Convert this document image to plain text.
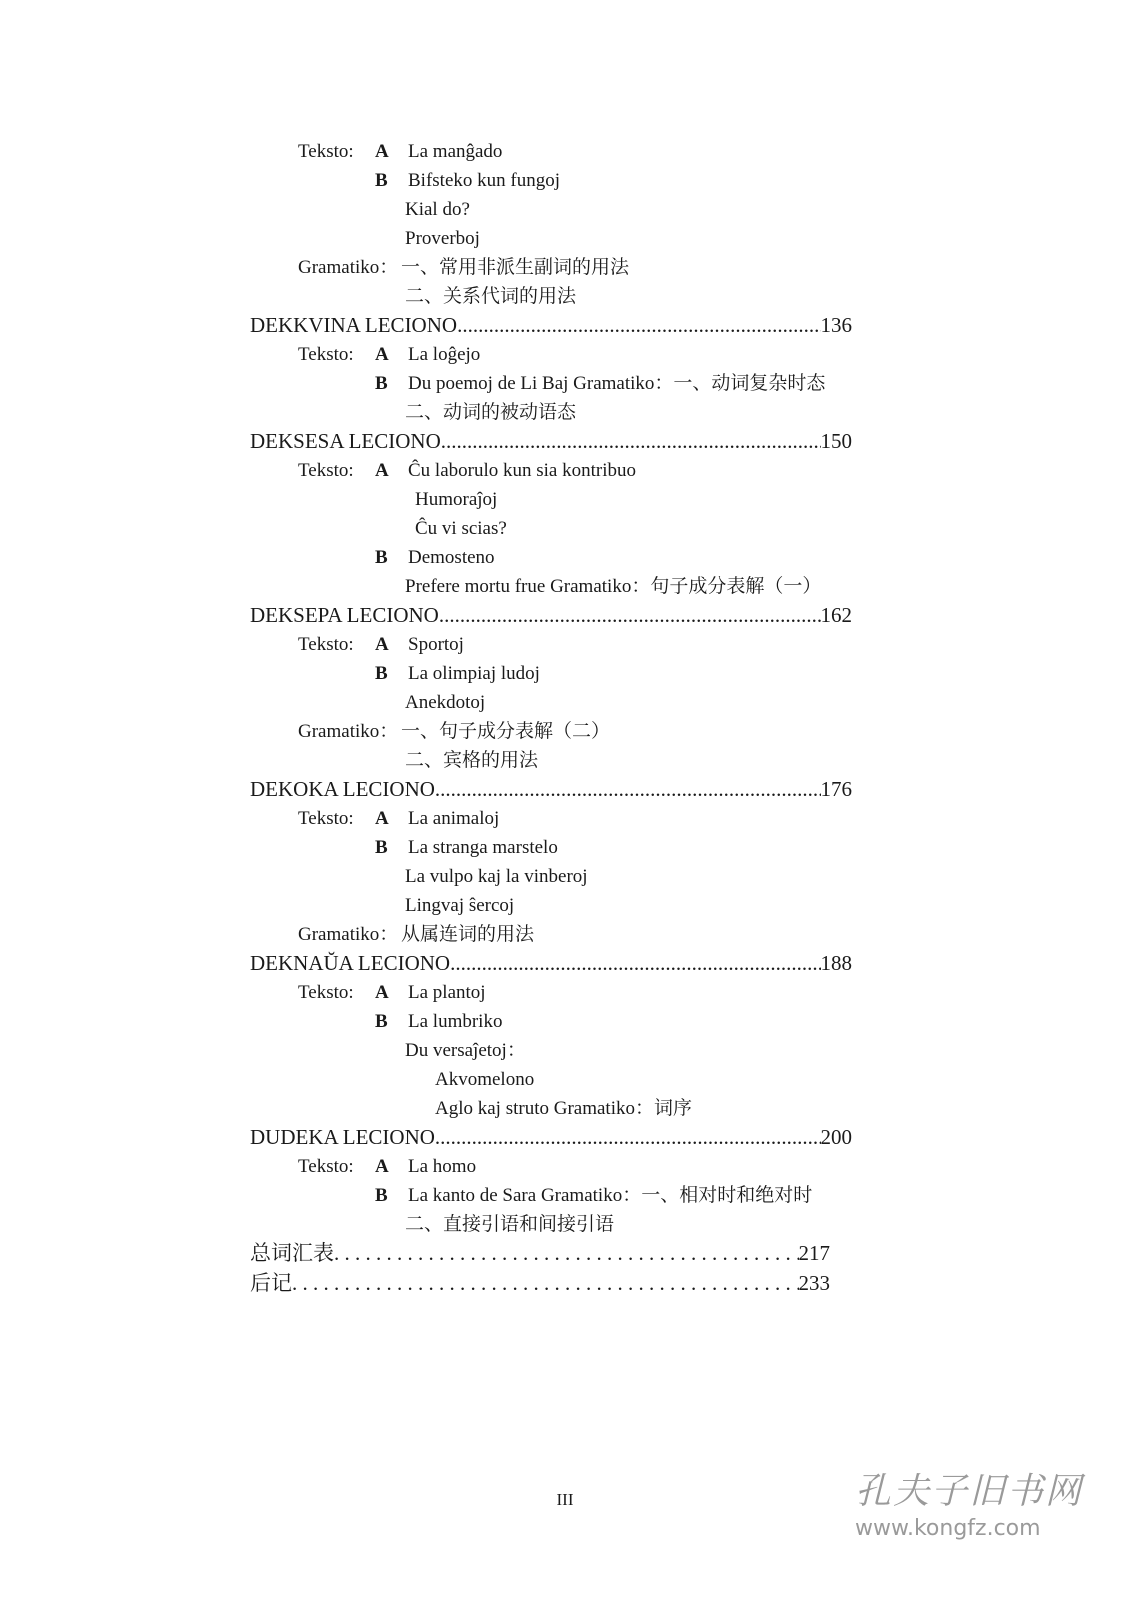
Teksto: A La manĝado
B Bifsteko kun fungoj
Kial do?
Proverboj
Gramatiko： 一、常用非派生副词的用法
二、关系代词的用法
DEKKVINA LECIONO .....	136
Teksto: A La loĝejo
B Du poemoj de Li Baj Gramatiko：一、动词复杂时态
二、动词的被动语态
DEKSESA LECIONO .....	150
Teksto: A Ĉu laborulo kun sia kontribuo
Humoraĵoj
Ĉu vi scias?
B Demosteno
Prefere mortu frue Gramatiko：句子成分表解（一）
DEKSEPA LECIONO .....	162
Teksto: A Sportoj
B La olimpiaj ludoj
Anekdotoj
Gramatiko： 一、句子成分表解（二）
二、宾格的用法
DEKOKA LECIONO .....	176
Teksto: A La animaloj
B La stranga marstelo
La vulpo kaj la vinberoj
Lingvaj ŝercoj
Gramatiko： 从属连词的用法
DEKNAŬA LECIONO .....	188
Teksto: A La plantoj
B La lumbriko
Du versaĵetoj：
Akvomelono
Aglo kaj struto Gramatiko：词序
DUDEKA LECIONO .....	200
Teksto: A La homo
B La kanto de Sara Gramatiko：一、相对时和绝对时
二、直接引语和间接引语
总词汇表 . . .	217
后记 . . .	233
III	孔夫子旧书网
www.kongfz.com
